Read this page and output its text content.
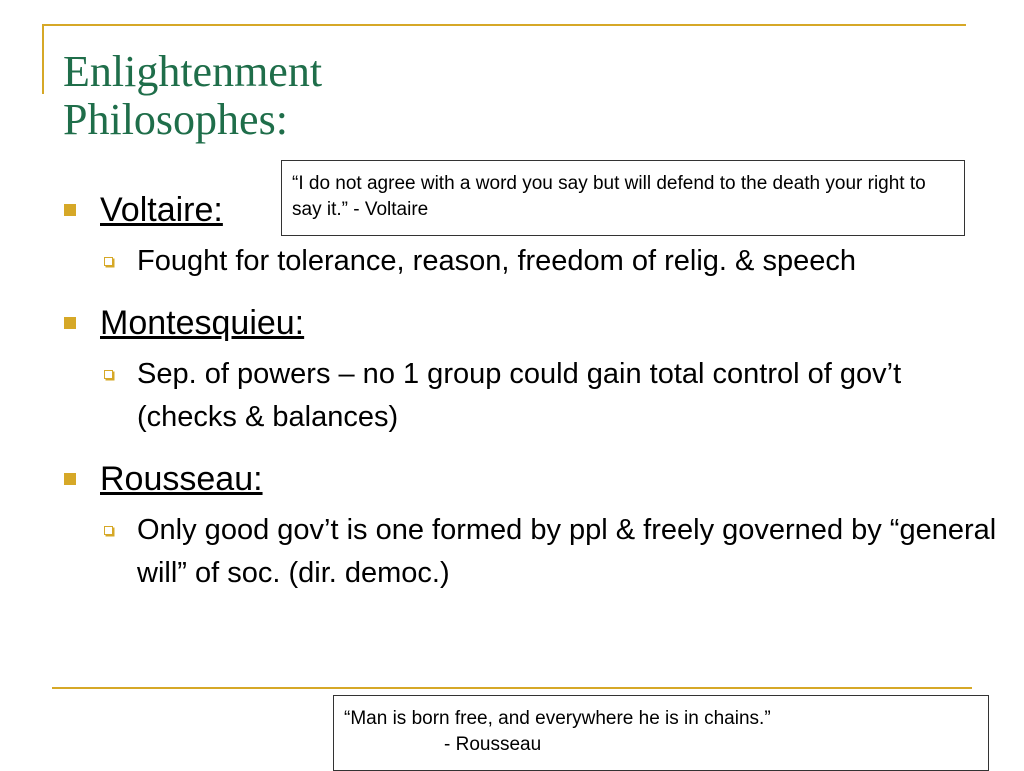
Enlightenment
Philosophes:
Voltaire:
Fought for tolerance, reason, freedom of relig. & speech
Montesquieu:
Sep. of powers – no 1 group could gain total control of gov’t (checks & balances)
Rousseau:
Only good gov’t is one formed by ppl & freely governed by “general will” of soc. (dir. democ.)
“I do not agree with a word you say but will defend to the death your right to say it.” - Voltaire
“Man is born free, and everywhere he is in chains.”
- Rousseau
